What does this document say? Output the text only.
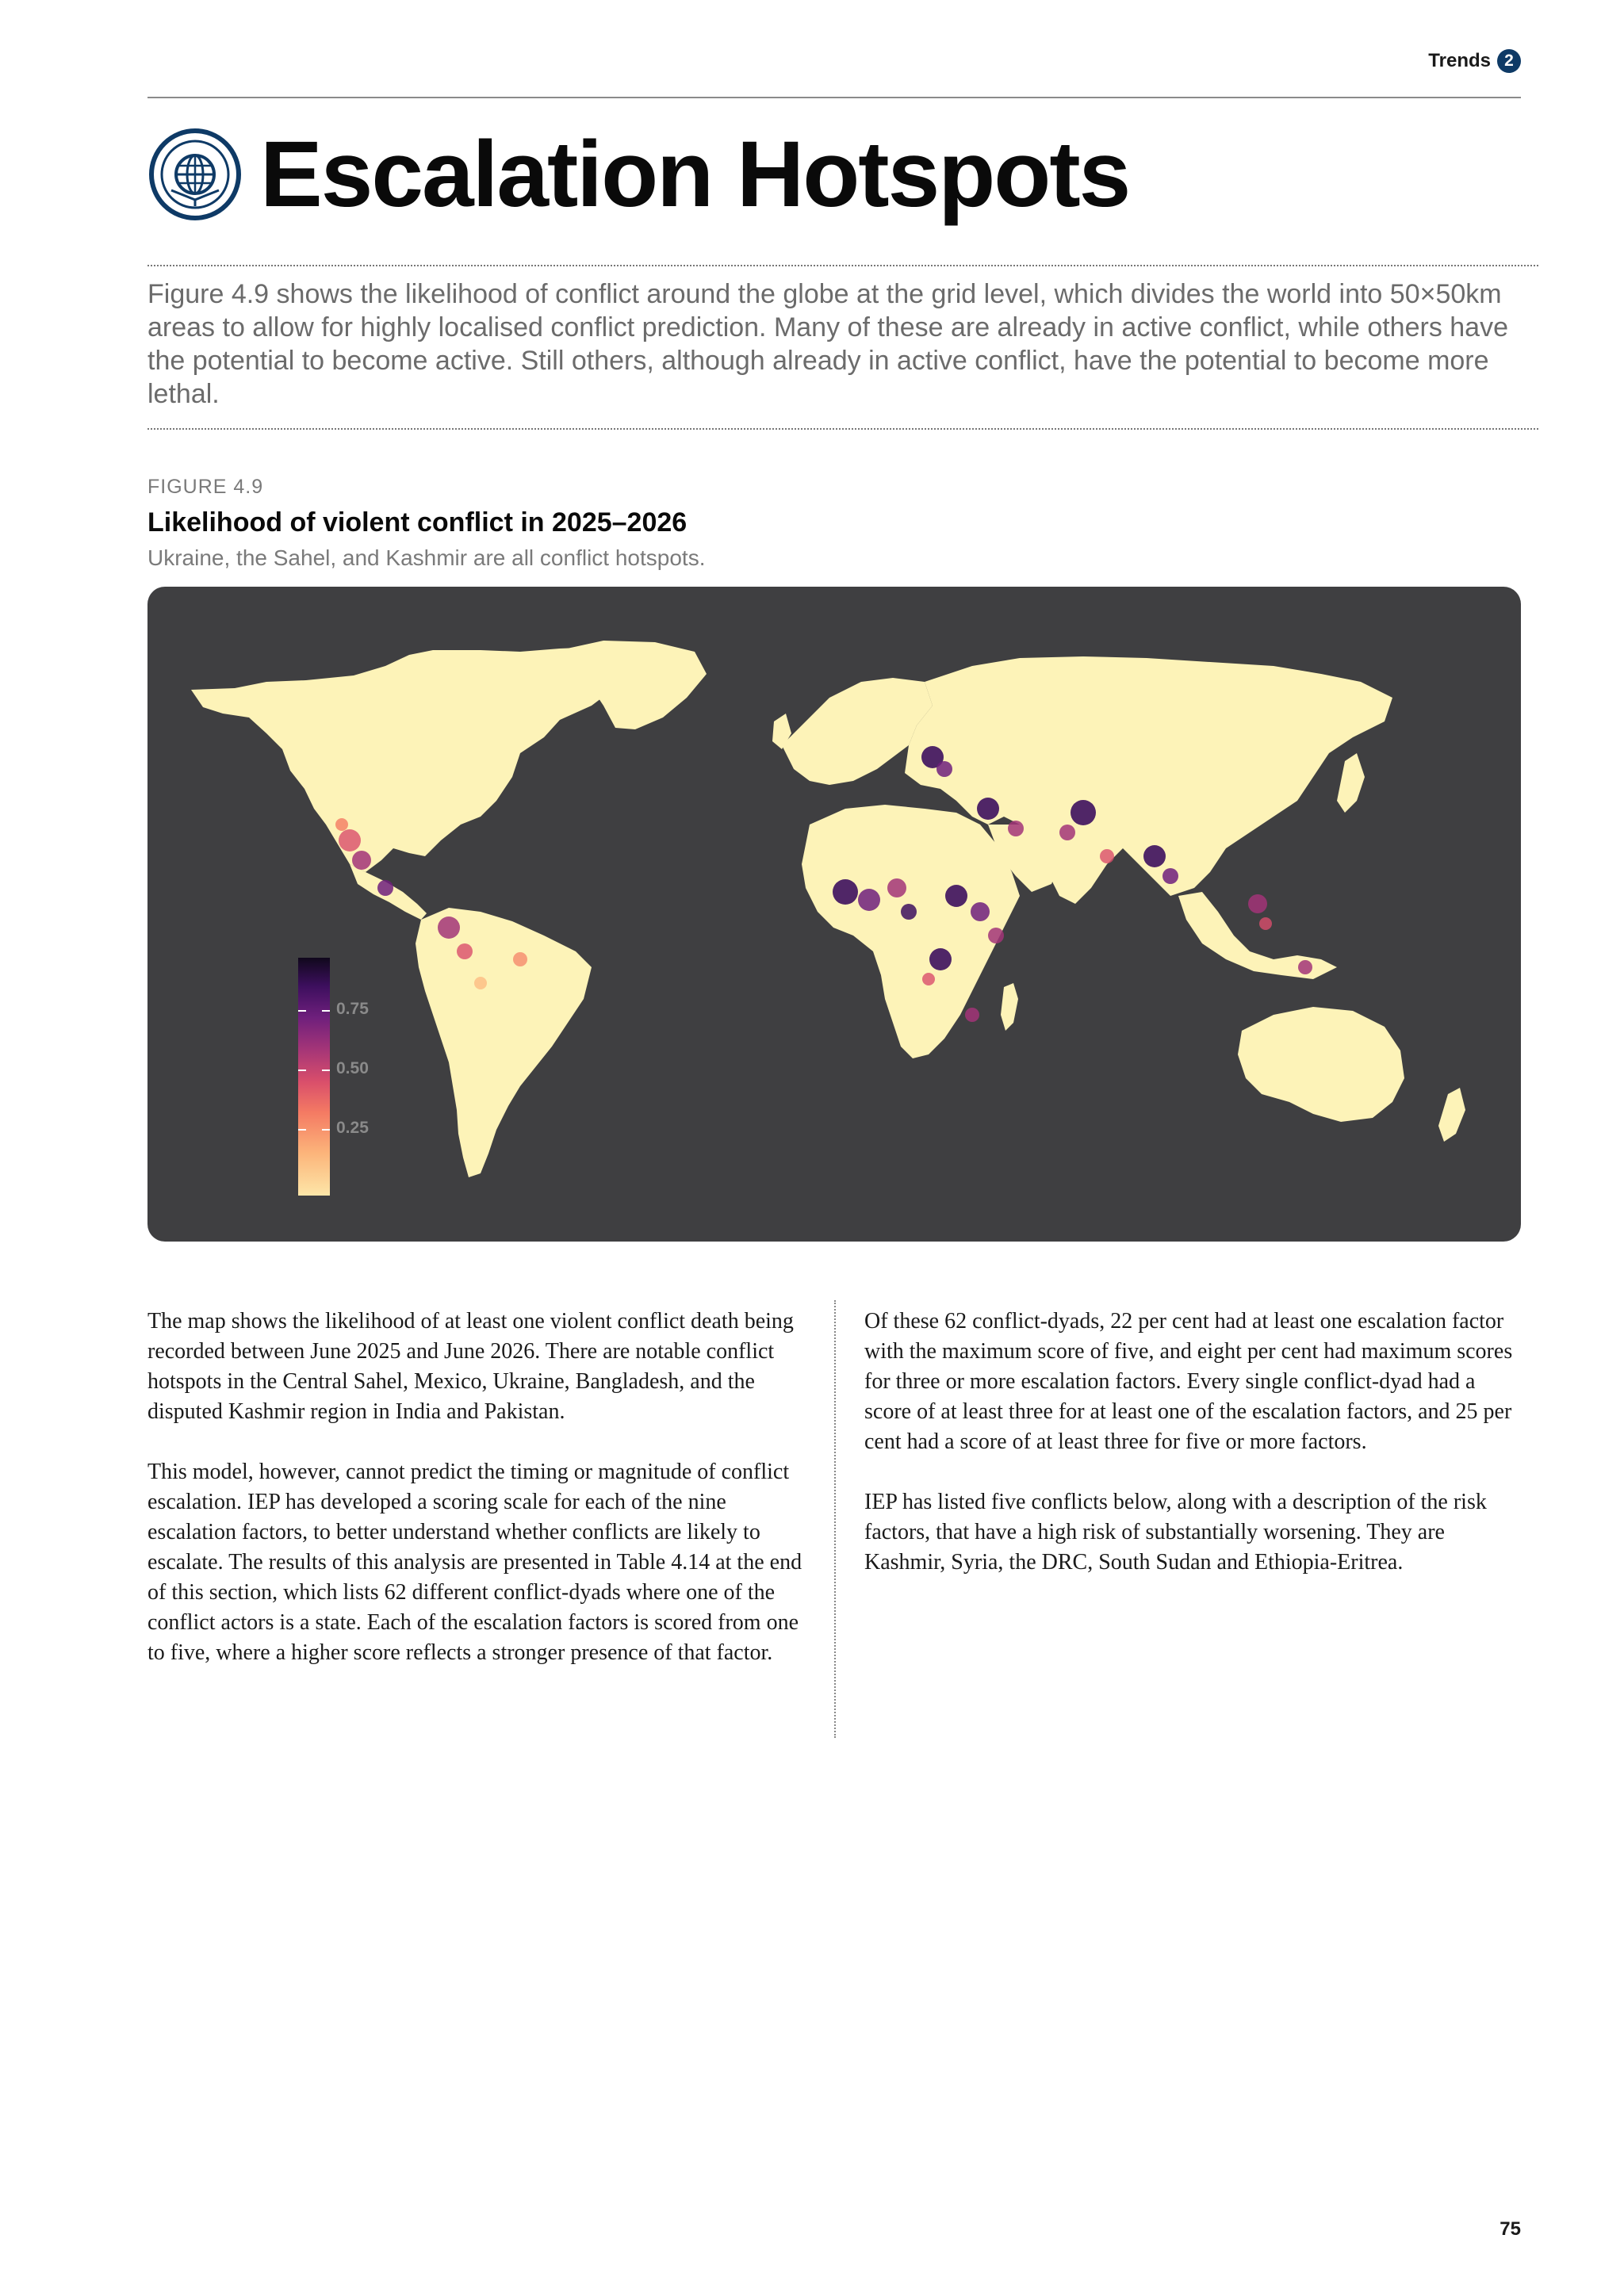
Trends 2
Escalation Hotspots

Figure 4.9 shows the likelihood of conflict around the globe at the grid level, which divides the world into 50×50km areas to allow for highly localised conflict prediction. Many of these are already in active conflict, while others have the potential to become active. Still others, although already in active conflict, have the potential to become more lethal.

FIGURE 4.9
Likelihood of violent conflict in 2025–2026
Ukraine, the Sahel, and Kashmir are all conflict hotspots.
0.75
0.50
0.25

The map shows the likelihood of at least one violent conflict death being recorded between June 2025 and June 2026. There are notable conflict hotspots in the Central Sahel, Mexico, Ukraine, Bangladesh, and the disputed Kashmir region in India and Pakistan.

This model, however, cannot predict the timing or magnitude of conflict escalation. IEP has developed a scoring scale for each of the nine escalation factors, to better understand whether conflicts are likely to escalate. The results of this analysis are presented in Table 4.14 at the end of this section, which lists 62 different conflict-dyads where one of the conflict actors is a state. Each of the escalation factors is scored from one to five, where a higher score reflects a stronger presence of that factor.

Of these 62 conflict-dyads, 22 per cent had at least one escalation factor with the maximum score of five, and eight per cent had maximum scores for three or more escalation factors. Every single conflict-dyad had a score of at least three for at least one of the escalation factors, and 25 per cent had a score of at least three for five or more factors.

IEP has listed five conflicts below, along with a description of the risk factors, that have a high risk of substantially worsening. They are Kashmir, Syria, the DRC, South Sudan and Ethiopia-Eritrea.

75
